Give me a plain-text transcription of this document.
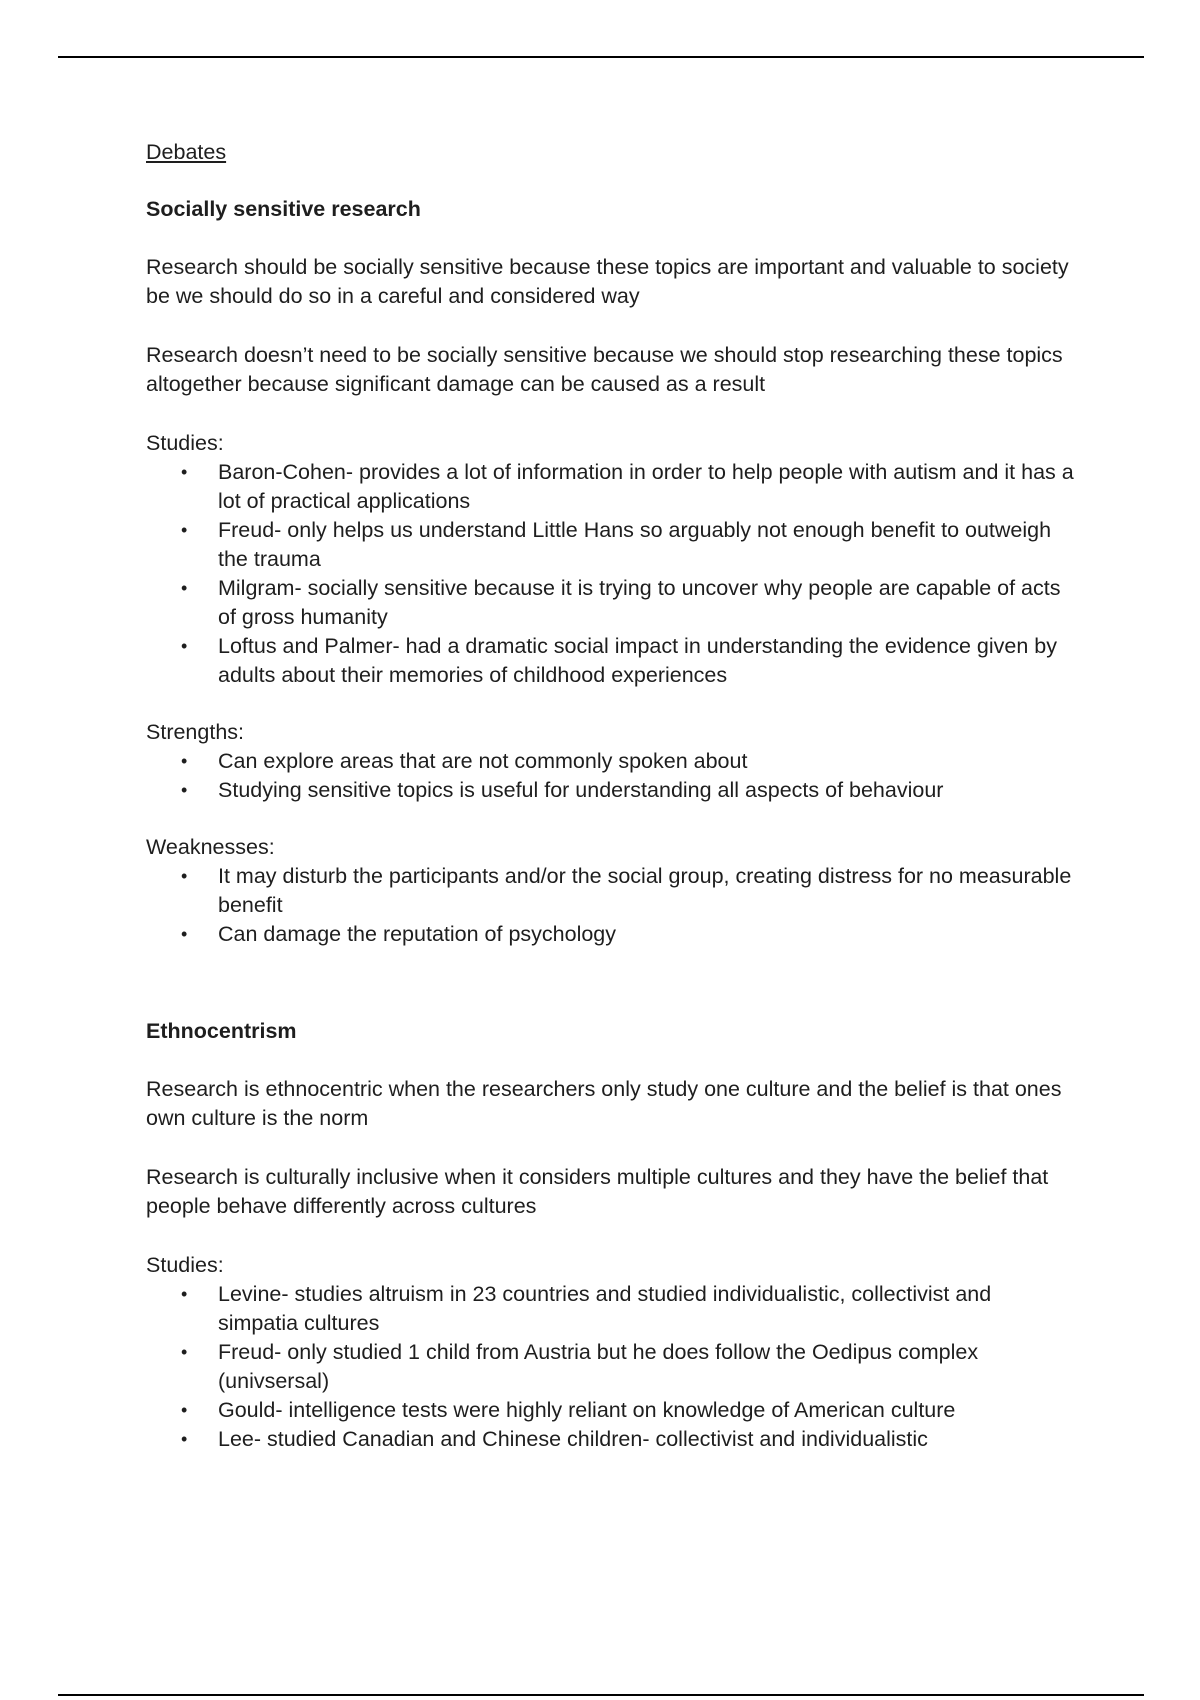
Debates

Socially sensitive research

Research should be socially sensitive because these topics are important and valuable to society be we should do so in a careful and considered way

Research doesn’t need to be socially sensitive because we should stop researching these topics altogether because significant damage can be caused as a result

Studies:

• Baron-Cohen- provides a lot of information in order to help people with autism and it has a lot of practical applications
• Freud- only helps us understand Little Hans so arguably not enough benefit to outweigh the trauma
• Milgram- socially sensitive because it is trying to uncover why people are capable of acts of gross humanity
• Loftus and Palmer- had a dramatic social impact in understanding the evidence given by adults about their memories of childhood experiences

Strengths:

• Can explore areas that are not commonly spoken about
• Studying sensitive topics is useful for understanding all aspects of behaviour

Weaknesses:

• It may disturb the participants and/or the social group, creating distress for no measurable benefit
• Can damage the reputation of psychology

Ethnocentrism

Research is ethnocentric when the researchers only study one culture and the belief is that ones own culture is the norm

Research is culturally inclusive when it considers multiple cultures and they have the belief that people behave differently across cultures

Studies:

• Levine- studies altruism in 23 countries and studied individualistic, collectivist and simpatia cultures
• Freud- only studied 1 child from Austria but he does follow the Oedipus complex (univsersal)
• Gould- intelligence tests were highly reliant on knowledge of American culture
• Lee- studied Canadian and Chinese children- collectivist and individualistic
